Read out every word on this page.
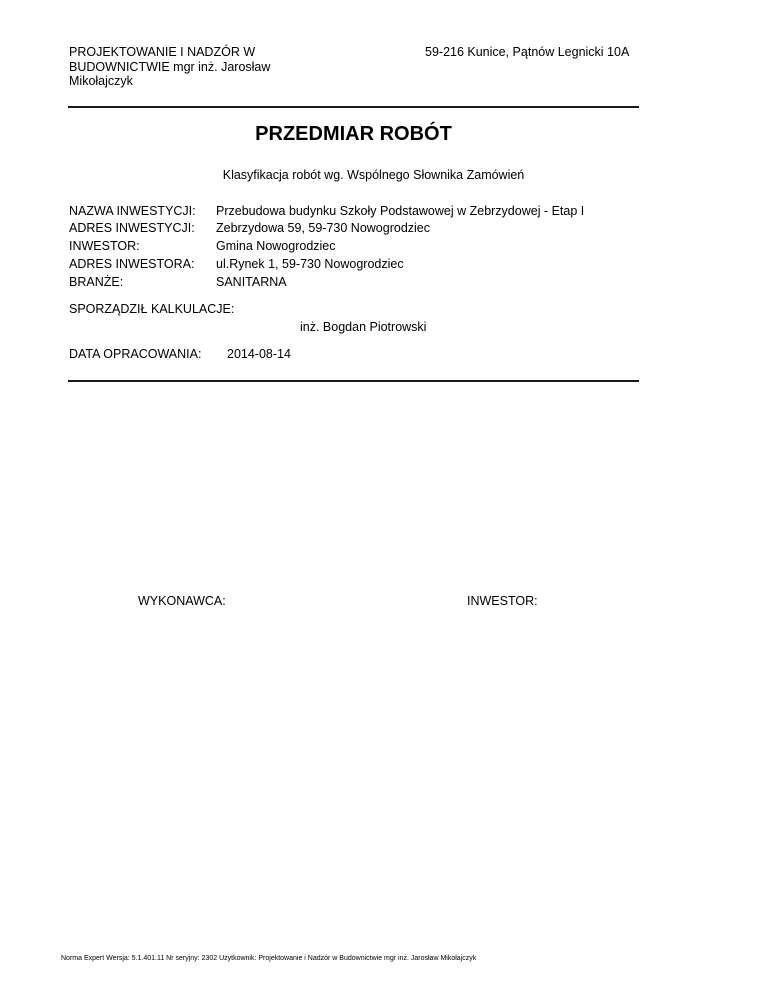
PROJEKTOWANIE I NADZÓR W
BUDOWNICTWIE mgr inż. Jarosław
Mikołajczyk
59-216 Kunice, Pątnów Legnicki 10A
PRZEDMIAR ROBÓT
Klasyfikacja robót wg. Wspólnego Słownika Zamówień
NAZWA INWESTYCJI: Przebudowa budynku Szkoły Podstawowej w Zebrzydowej - Etap I
ADRES INWESTYCJI: Zebrzydowa 59, 59-730 Nowogrodziec
INWESTOR:	Gmina Nowogrodziec
ADRES INWESTORA: ul.Rynek 1, 59-730 Nowogrodziec
BRANŻE:	SANITARNA
SPORZĄDZIŁ KALKULACJE:
inż. Bogdan Piotrowski
DATA OPRACOWANIA: 2014-08-14
WYKONAWCA:	INWESTOR:
Norma Expert Wersja: 5.1.401.11 Nr seryjny: 2302 Użytkownik: Projektowanie i Nadzór w Budownictwie mgr inż. Jarosław Mikołajczyk
